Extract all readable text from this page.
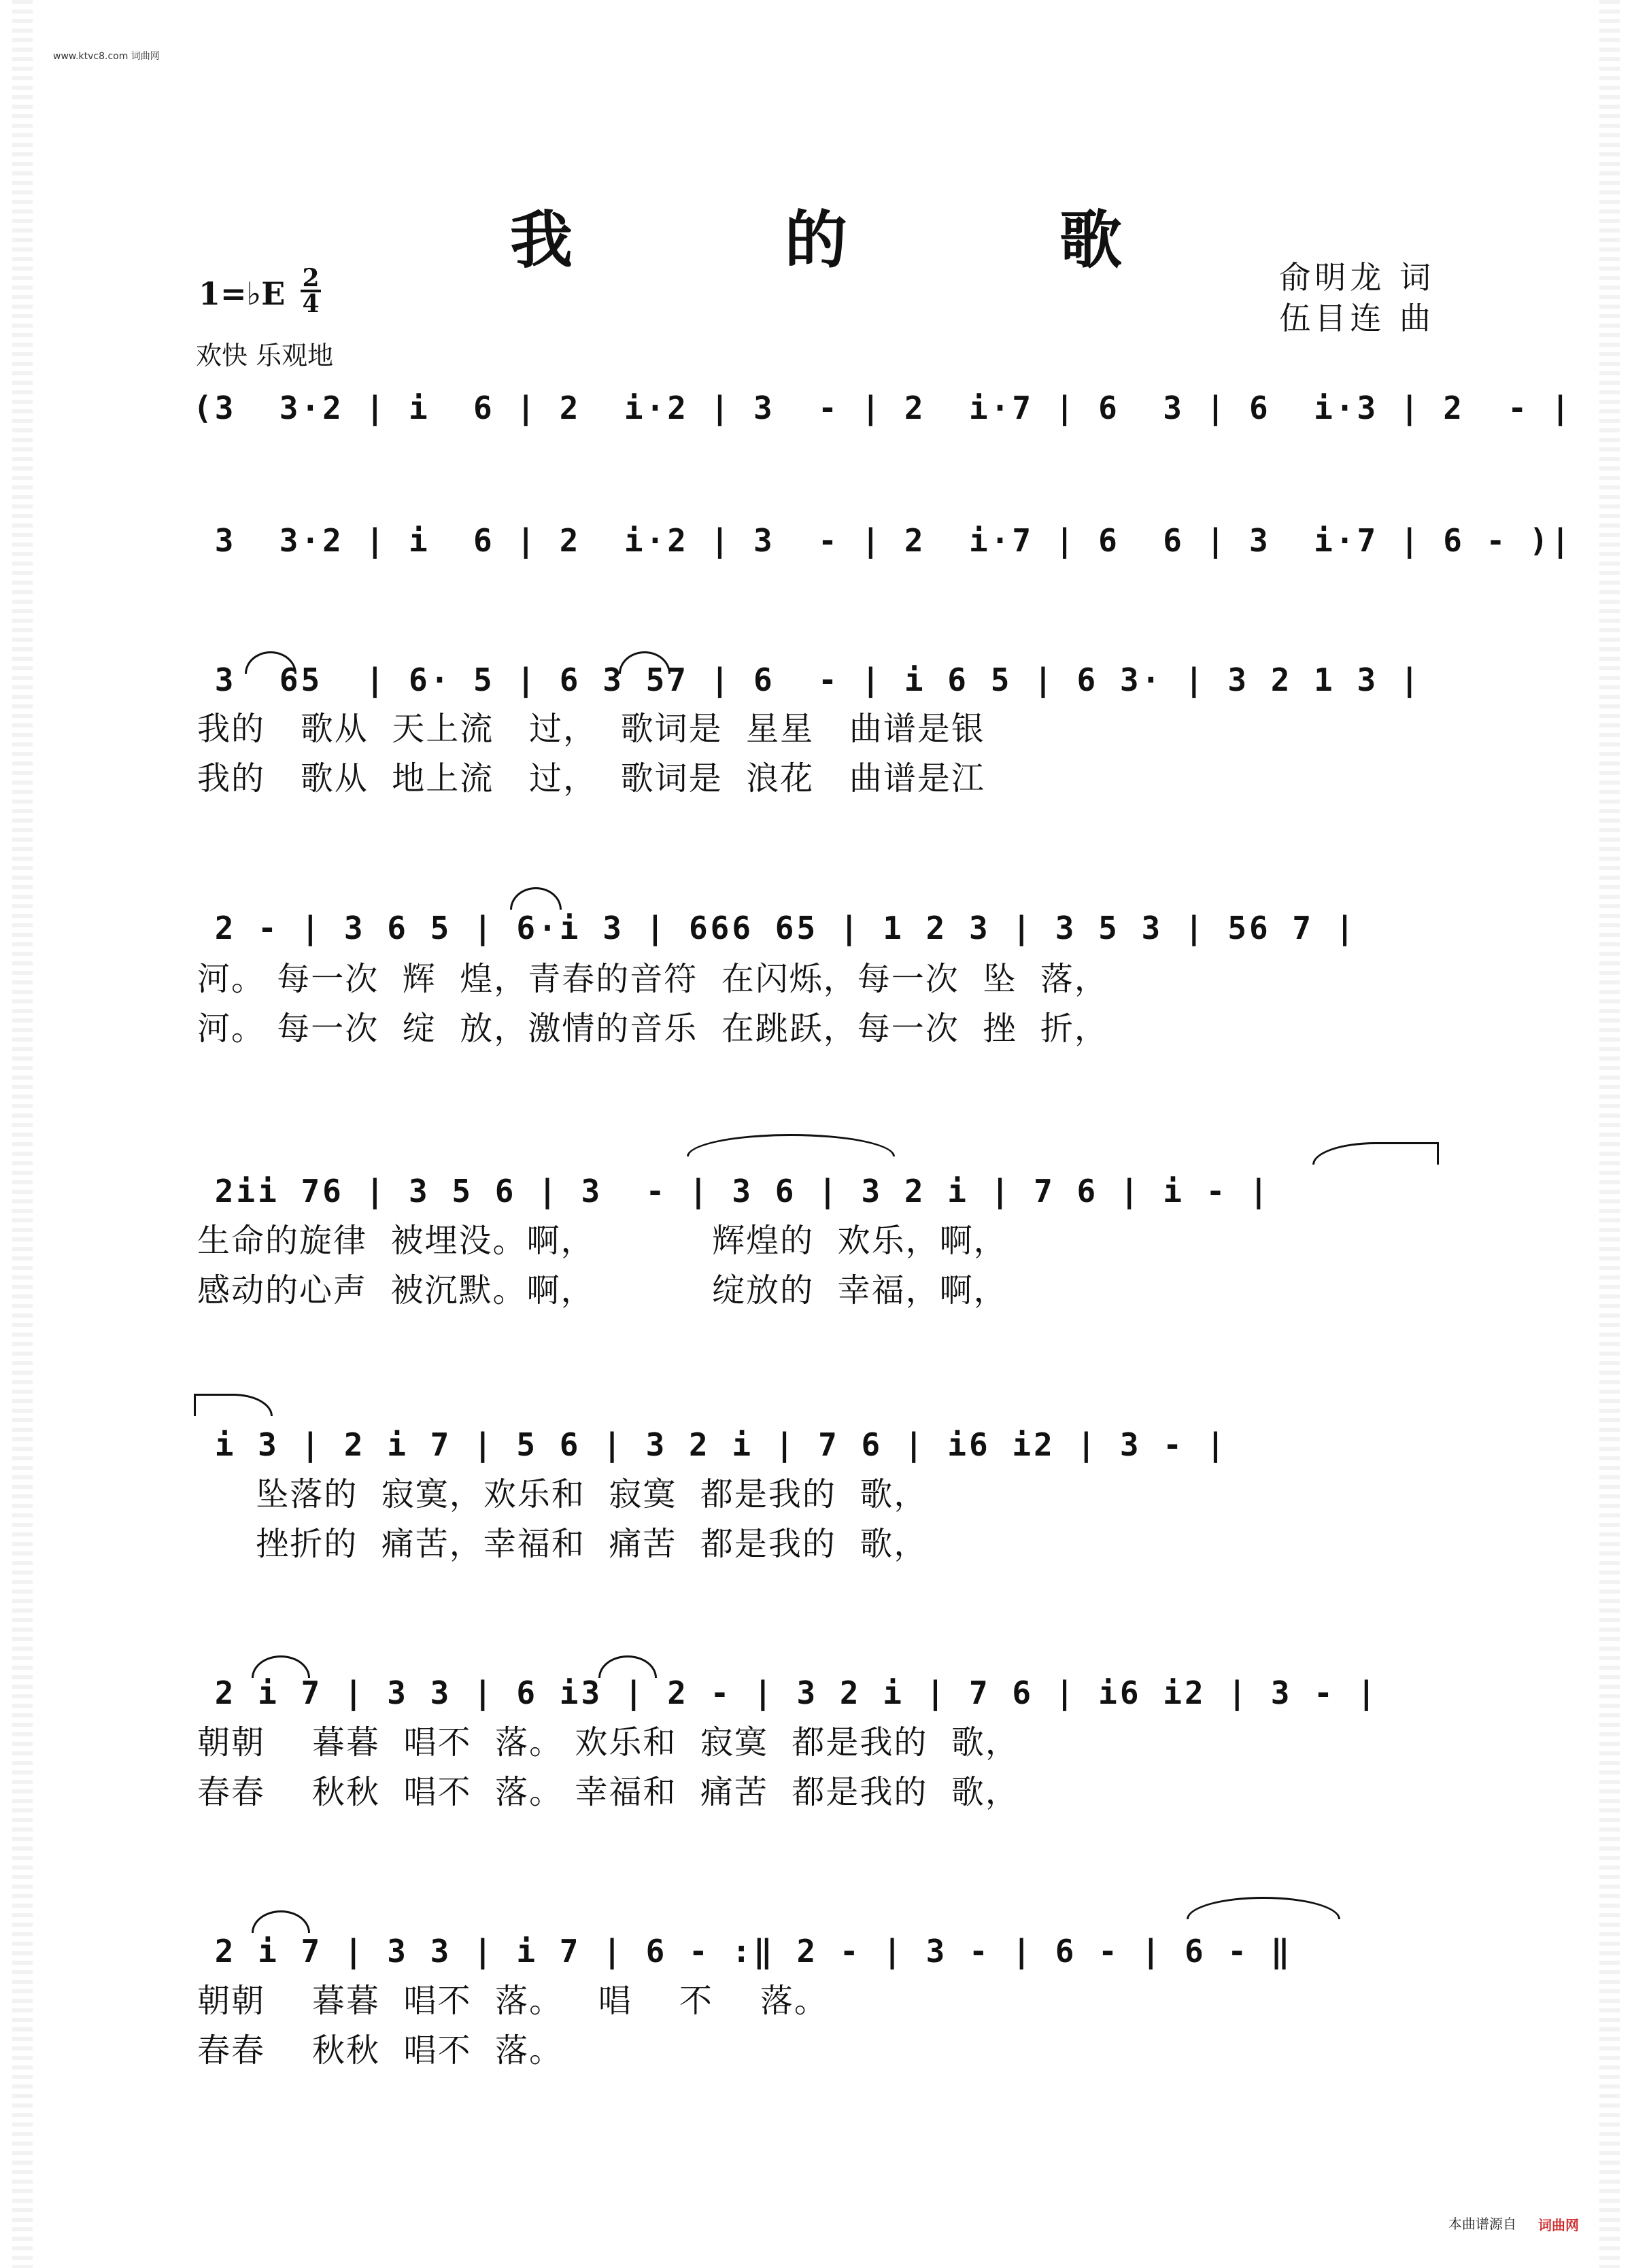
www.ktvc8.com 词曲网
我 的 歌
俞明龙 词
伍目连 曲
1=♭E 2
4
欢快 乐观地
(3  3·2 | i  6 | 2  i·2 | 3  - | 2  i·7 | 6  3 | 6  i·3 | 2  - |
3  3·2 | i  6 | 2  i·2 | 3  - | 2  i·7 | 6  6 | 3  i·7 | 6 - )|
3  65  | 6· 5 | 6 3 57 | 6  - | i 6 5 | 6 3· | 3 2 1 3 |
我的   歌从  天上流   过，  歌词是  星星   曲谱是银
我的   歌从  地上流   过，  歌词是  浪花   曲谱是江
2 - | 3 6 5 | 6·i 3 | 666 65 | 1 2 3 | 3 5 3 | 56 7 |
河。 每一次  辉  煌，青春的音符  在闪烁，每一次  坠  落，
河。 每一次  绽  放，激情的音乐  在跳跃，每一次  挫  折，
2ii 76 | 3 5 6 | 3  - | 3 6 | 3 2 i | 7 6 | i - |
生命的旋律  被埋没。啊，          辉煌的  欢乐，啊，
感动的心声  被沉默。啊，          绽放的  幸福，啊，
i 3 | 2 i 7 | 5 6 | 3 2 i | 7 6 | i6 i2 | 3 - |
坠落的  寂寞，欢乐和  寂寞  都是我的  歌，
挫折的  痛苦，幸福和  痛苦  都是我的  歌，
2 i 7 | 3 3 | 6 i3 | 2 - | 3 2 i | 7 6 | i6 i2 | 3 - |
朝朝    暮暮  唱不  落。 欢乐和  寂寞  都是我的  歌，
春春    秋秋  唱不  落。 幸福和  痛苦  都是我的  歌，
2 i 7 | 3 3 | i 7 | 6 - :‖ 2 - | 3 - | 6 - | 6 - ‖
朝朝    暮暮  唱不  落。   唱    不    落。
春春    秋秋  唱不  落。
本曲谱源自 词曲网
